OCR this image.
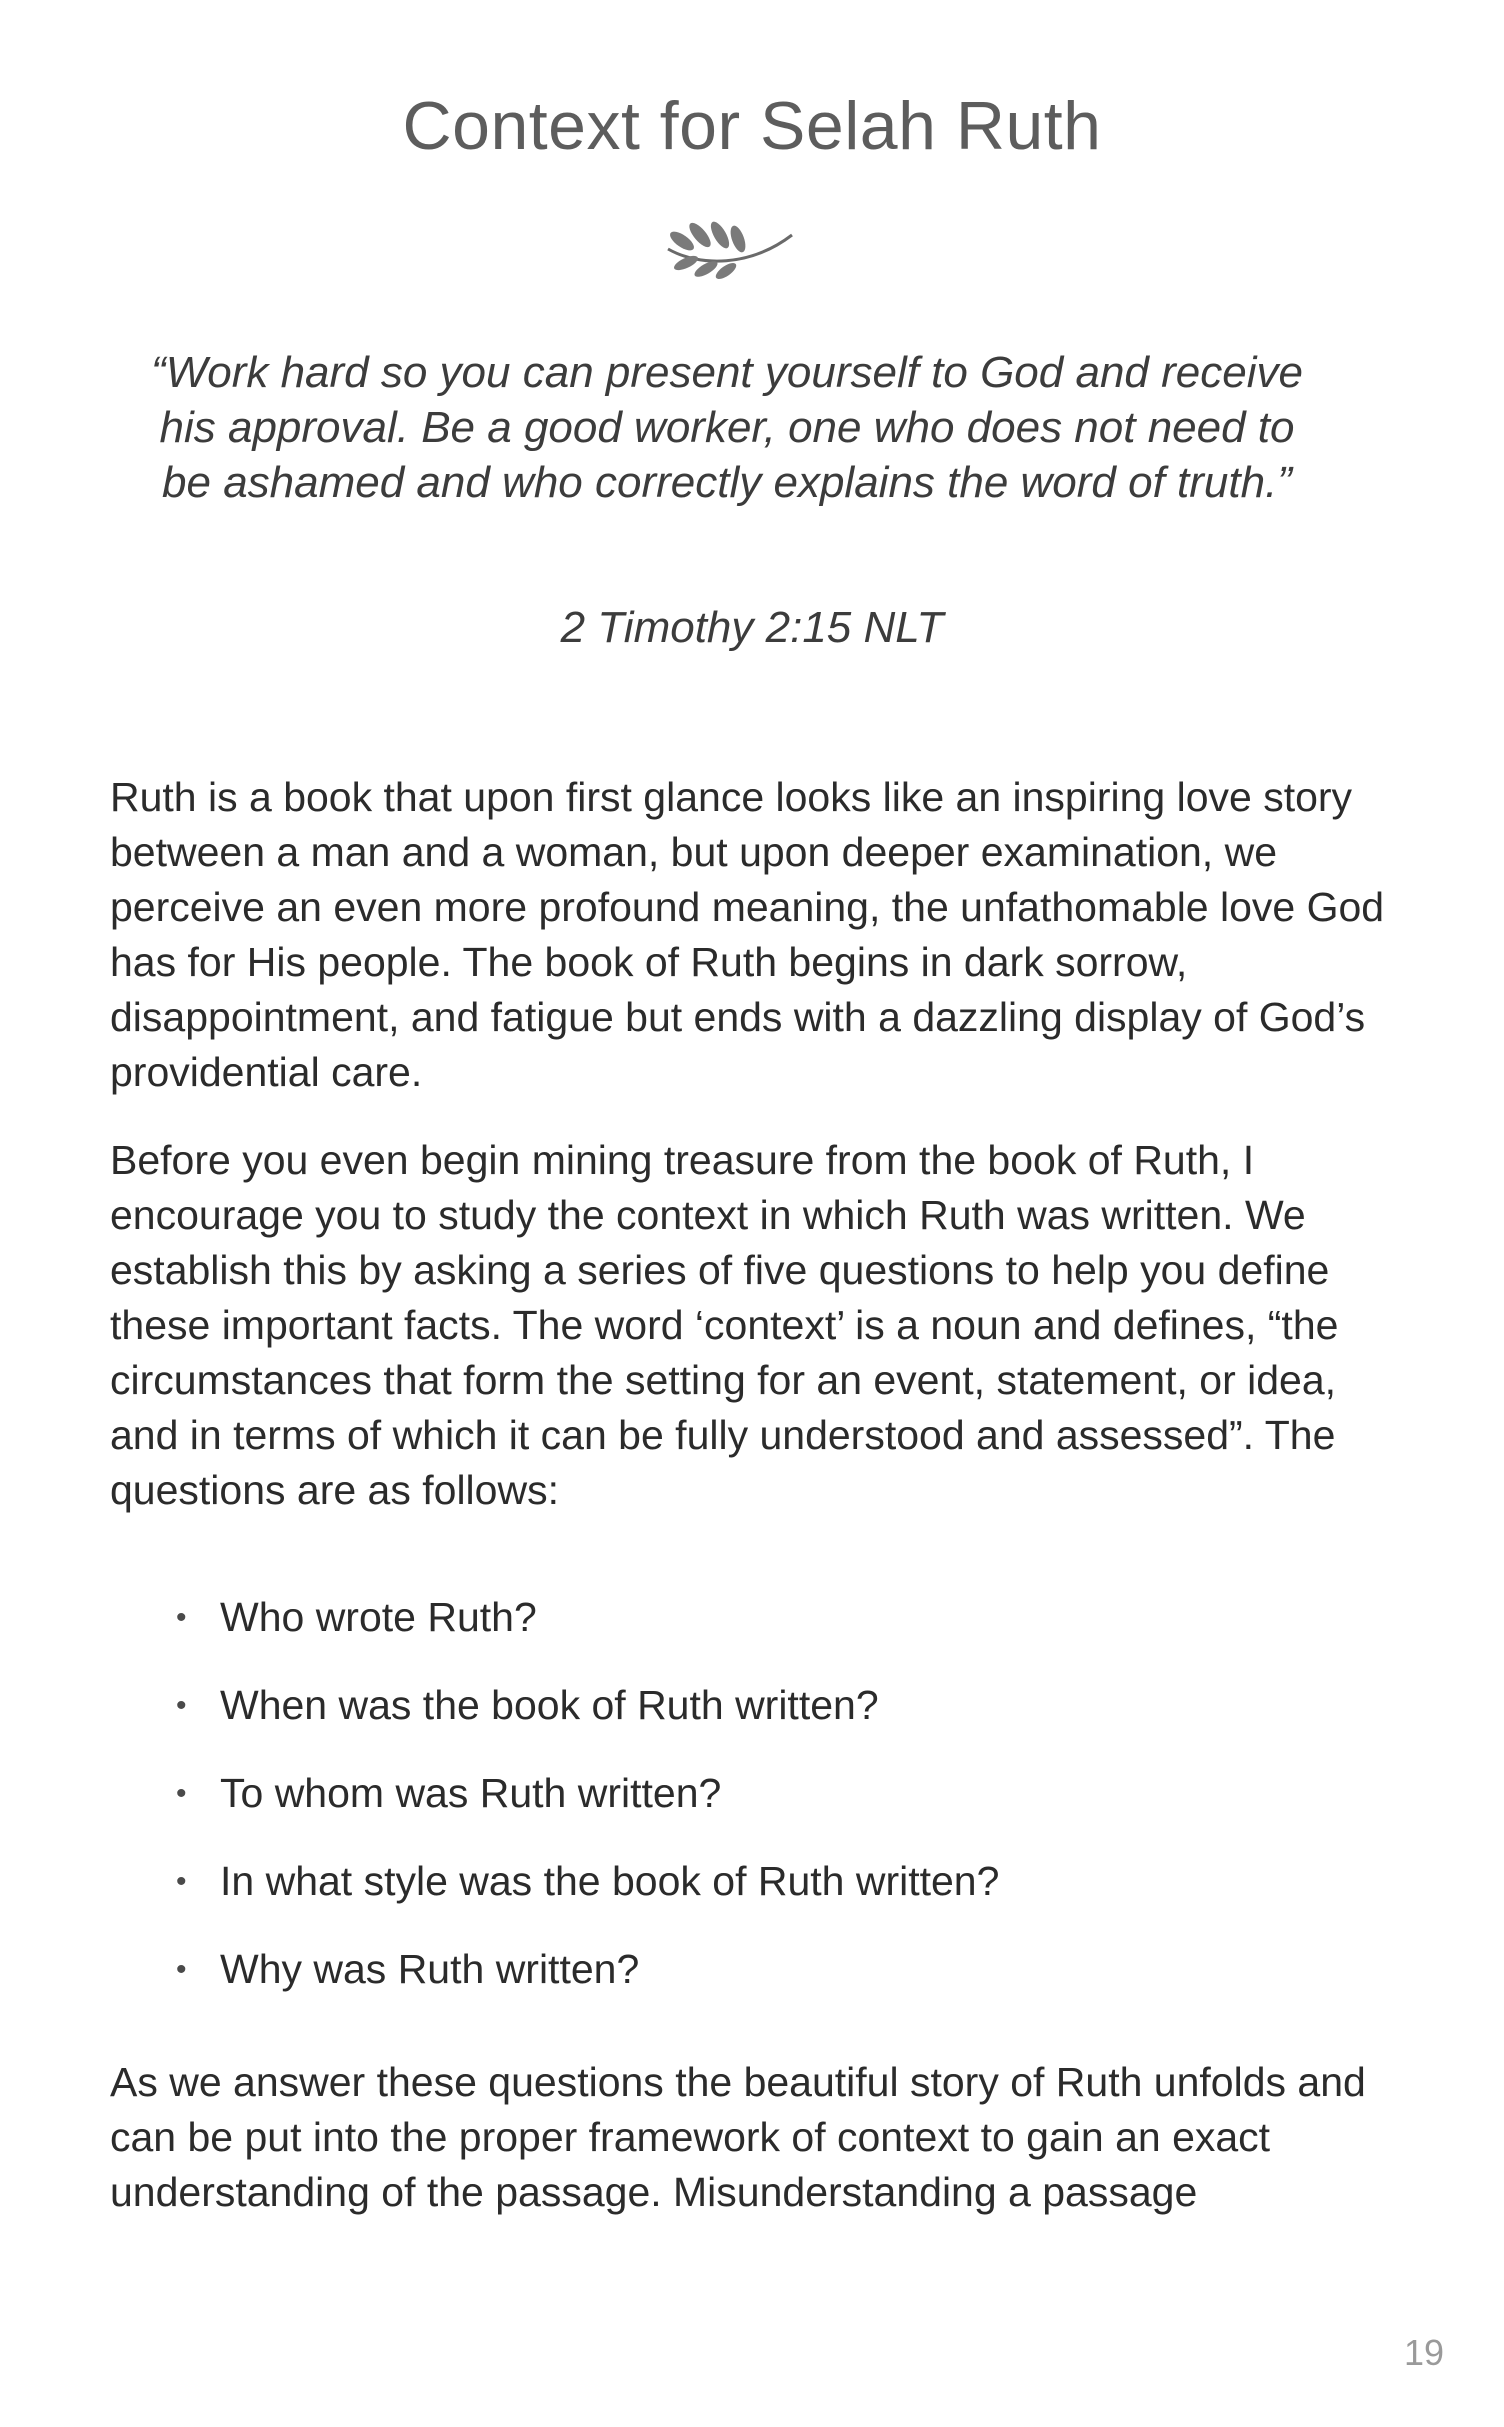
Context for Selah Ruth
“Work hard so you can present yourself to God and receive his approval. Be a good worker, one who does not need to be ashamed and who correctly explains the word of truth.”
2 Timothy 2:15 NLT

Ruth is a book that upon first glance looks like an inspiring love story between a man and a woman, but upon deeper examination, we perceive an even more profound meaning, the unfathomable love God has for His people. The book of Ruth begins in dark sorrow, disappointment, and fatigue but ends with a dazzling display of God’s providential care.

Before you even begin mining treasure from the book of Ruth, I encourage you to study the context in which Ruth was written. We establish this by asking a series of five questions to help you define these important facts. The word ‘context’ is a noun and defines, “the circumstances that form the setting for an event, statement, or idea, and in terms of which it can be fully understood and assessed”. The questions are as follows:

• Who wrote Ruth?
• When was the book of Ruth written?
• To whom was Ruth written?
• In what style was the book of Ruth written?
• Why was Ruth written?

As we answer these questions the beautiful story of Ruth unfolds and can be put into the proper framework of context to gain an exact understanding of the passage. Misunderstanding a passage

19
